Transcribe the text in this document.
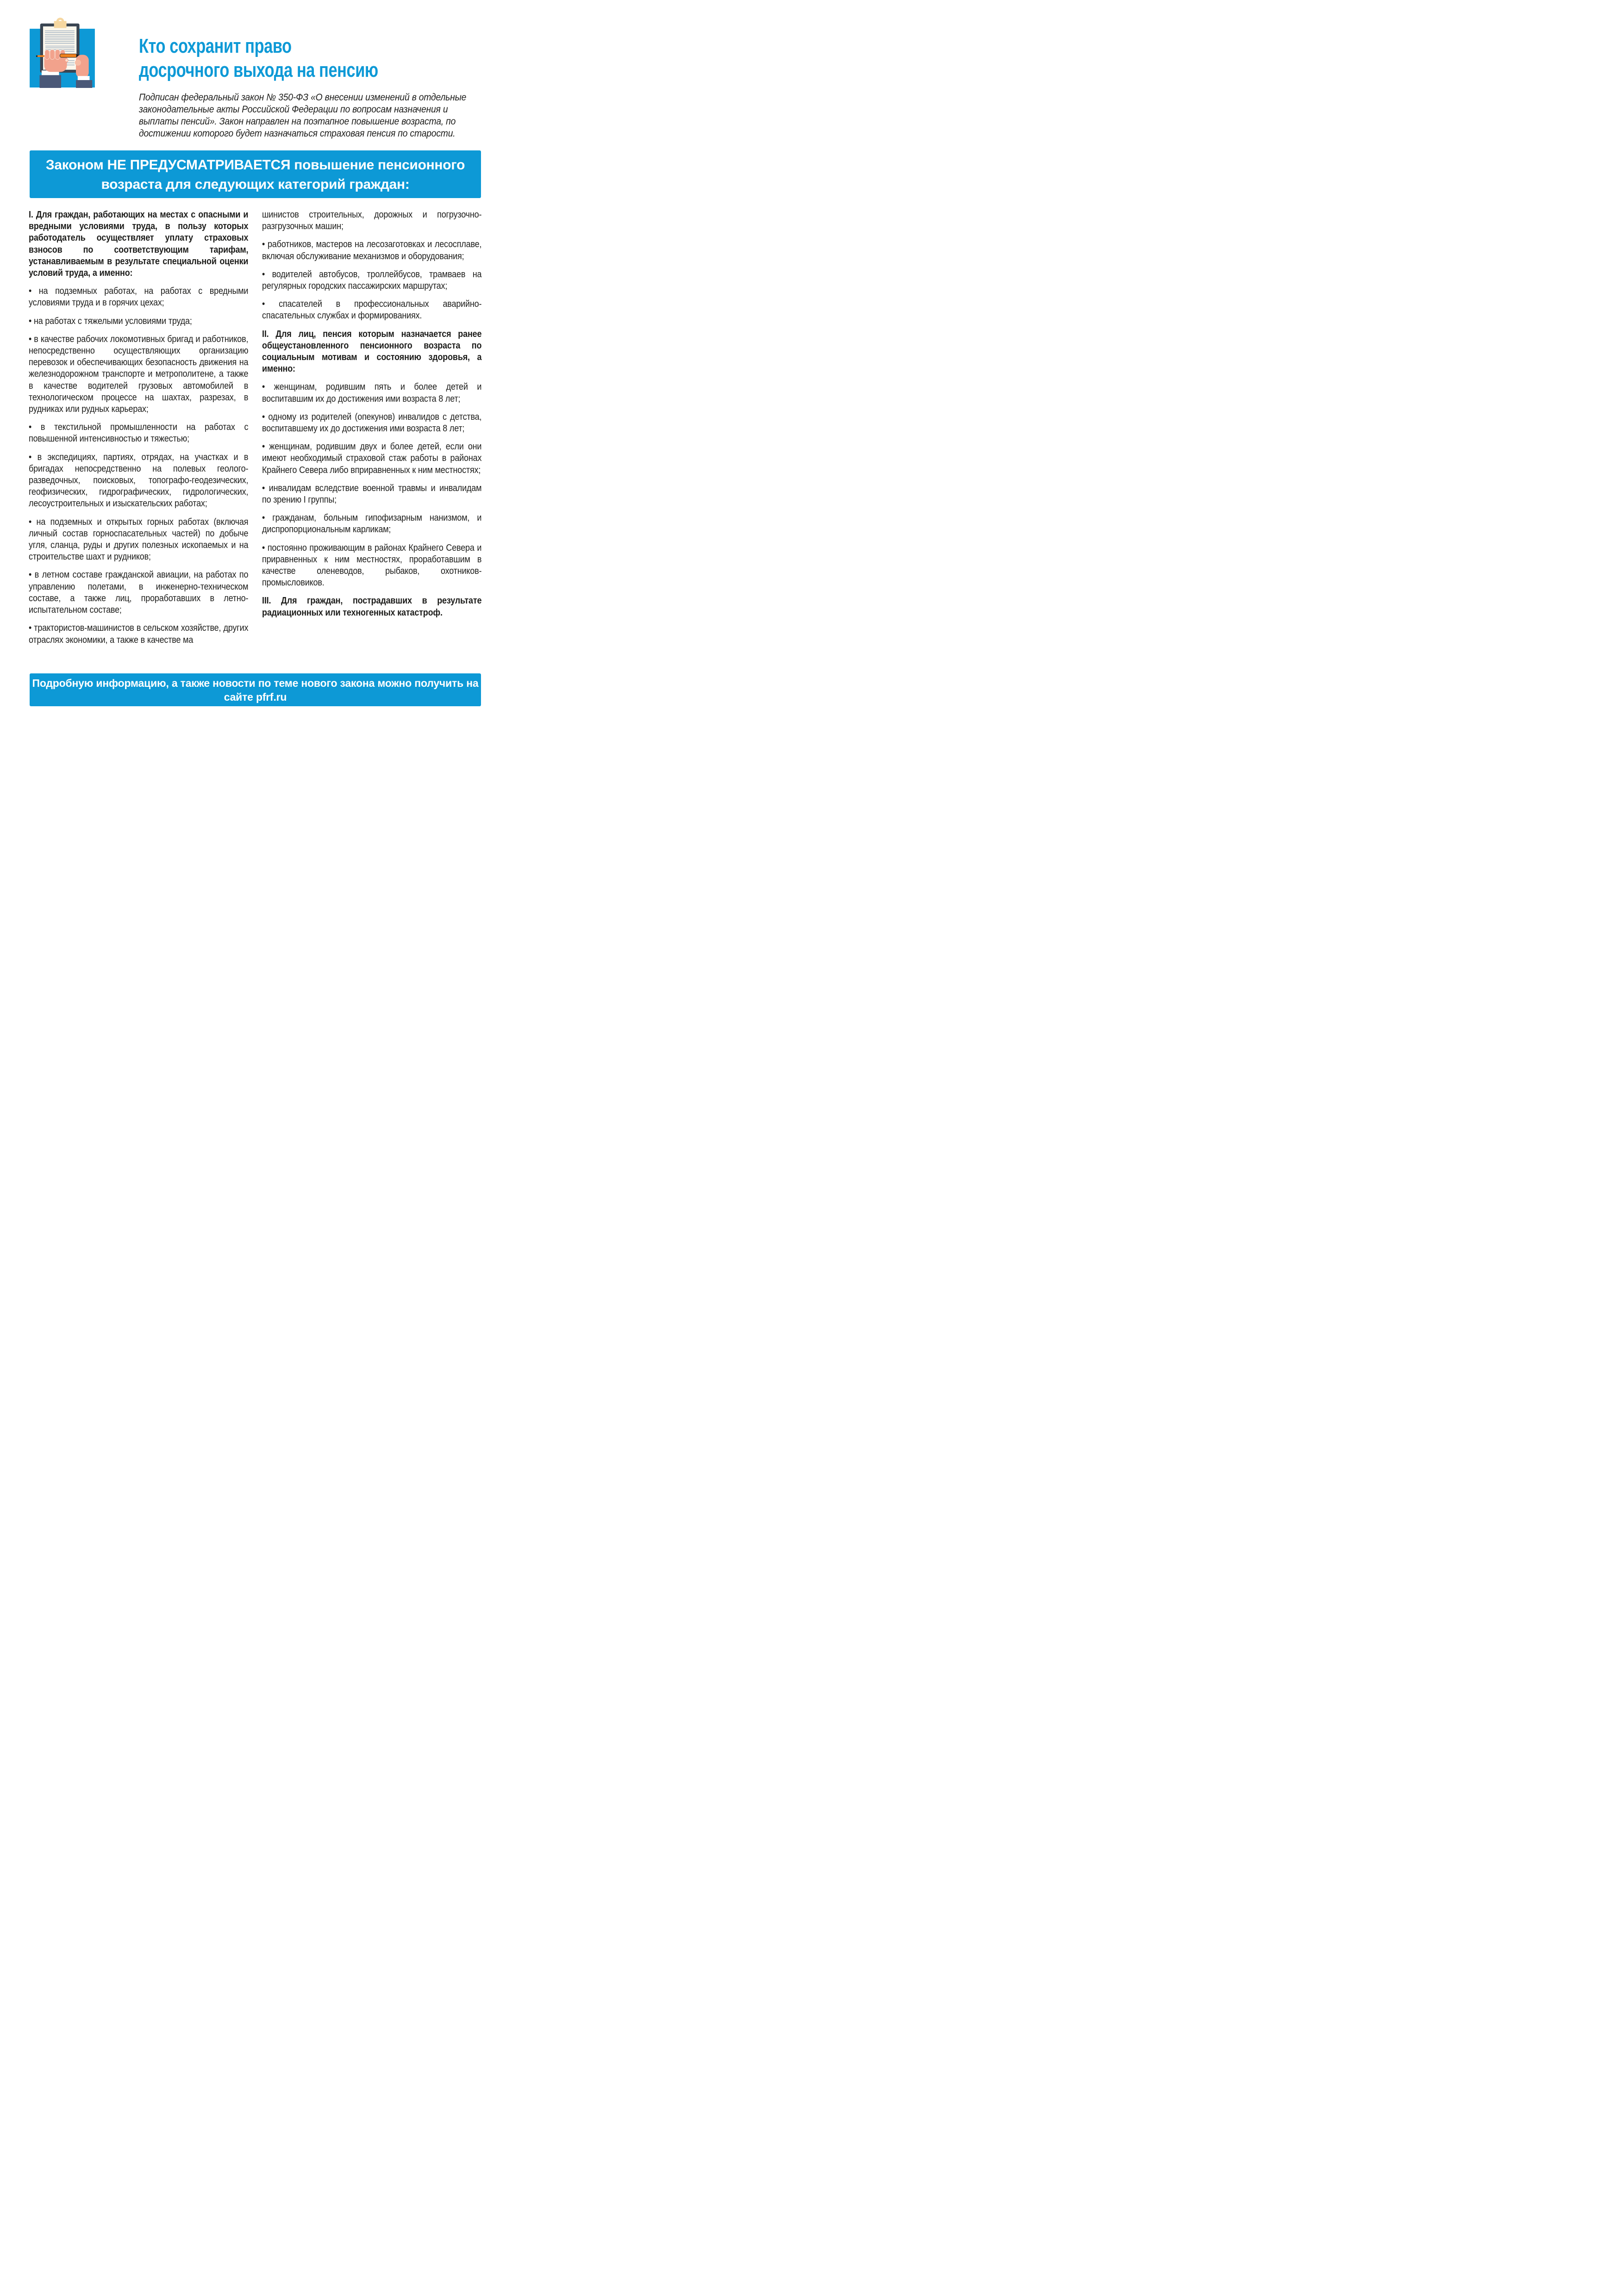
Кто сохранит право
досрочного выхода на пенсию
Подписан федеральный закон № 350-ФЗ «О внесении изменений в отдельные законодательные акты Российской Федерации по вопросам назначения и выплаты пенсий». Закон направлен на поэтапное повышение возраста, по достижении которого будет назначаться страховая пенсия по старости.
Законом НЕ ПРЕДУСМАТРИВАЕТСЯ повышение пенсионного
возраста для следующих категорий граждан:

I. Для граждан, работающих на местах с опасными и вредными условиями труда, в пользу которых работодатель осуществляет уплату страховых взносов по соответствующим тарифам, устанавливаемым в результате специальной оценки условий труда, а именно:

• на подземных работах, на работах с вредными условиями труда и в горячих цехах;

• на работах с тяжелыми условиями труда;

• в качестве рабочих локомотивных бригад и работников, непосредственно осуществляющих организацию перевозок и обеспечивающих безопасность движения на железнодорожном транспорте и метрополитене, а также в качестве водителей грузовых автомобилей в технологическом процессе на шахтах, разрезах, в рудниках или рудных карьерах;

• в текстильной промышленности на работах с повышенной интенсивностью и тяжестью;

• в экспедициях, партиях, отрядах, на участках и в бригадах непосредственно на полевых геолого-разведочных, поисковых, топографо-геодезических, геофизических, гидрографических, гидрологических, лесоустроительных и изыскательских работах;

• на подземных и открытых горных работах (включая личный состав горноспасательных частей) по добыче угля, сланца, руды и других полезных ископаемых и на строительстве шахт и рудников;

• в летном составе гражданской авиации, на работах по управлению полетами, в инженерно-техническом составе, а также лиц, проработавших в летно-испытательном составе;

• трактористов-машинистов в сельском хозяйстве, других отраслях экономики, а также в качестве ма

шинистов строительных, дорожных и погрузочно-разгрузочных машин;

• работников, мастеров на лесозаготовках и лесосплаве, включая обслуживание механизмов и оборудования;

• водителей автобусов, троллейбусов, трамваев на регулярных городских пассажирских маршрутах;

• спасателей в профессиональных аварийно-спасательных службах и формированиях.

II. Для лиц, пенсия которым назначается ранее общеустановленного пенсионного возраста по социальным мотивам и состоянию здоровья, а именно:

• женщинам, родившим пять и более детей и воспитавшим их до достижения ими возраста 8 лет;

• одному из родителей (опекунов) инвалидов с детства, воспитавшему их до достижения ими возраста 8 лет;

• женщинам, родившим двух и более детей, если они имеют необходимый страховой стаж работы в районах Крайнего Севера либо вприравненных к ним местностях;

• инвалидам вследствие военной травмы и инвалидам по зрению I группы;

• гражданам, больным гипофизарным нанизмом, и диспропорциональным карликам;

• постоянно проживающим в районах Крайнего Севера и приравненных к ним местностях, проработавшим в качестве оленеводов, рыбаков, охотников-промысловиков.

III. Для граждан, пострадавших в результате радиационных или техногенных катастроф.

Подробную информацию, а также новости по теме нового закона можно получить на сайте pfrf.ru
или в Единой консультационной службе ПФР 8-800-302-2-302 (звонок бесплатный).
